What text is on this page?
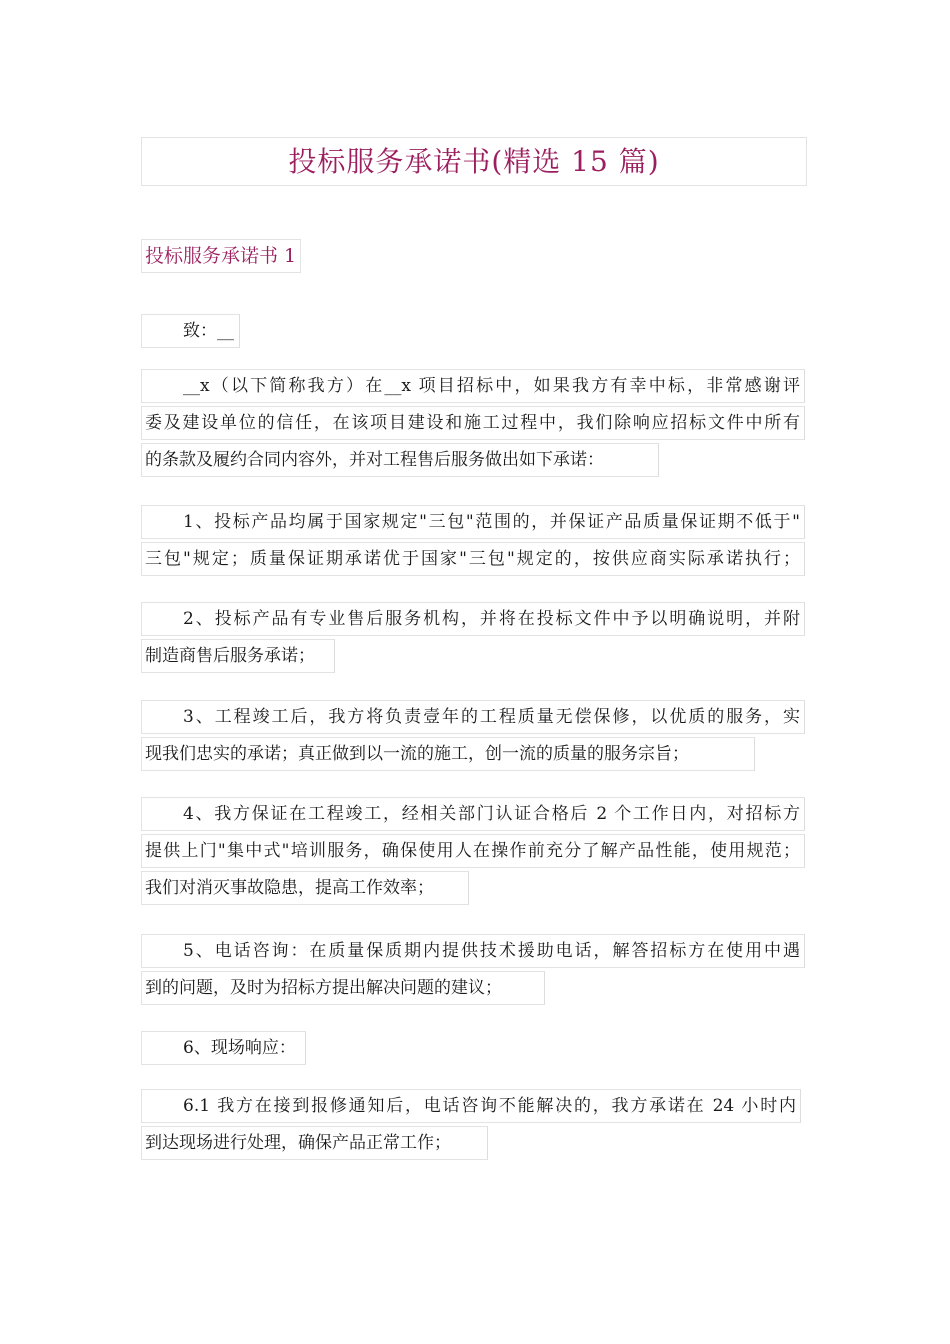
投标服务承诺书(精选 15 篇)
投标服务承诺书 1
致：__
__x（以下简称我方）在__x 项目招标中，如果我方有幸中标，非常感谢评
委及建设单位的信任，在该项目建设和施工过程中，我们除响应招标文件中所有
的条款及履约合同内容外，并对工程售后服务做出如下承诺：
1、投标产品均属于国家规定"三包"范围的，并保证产品质量保证期不低于"
三包"规定；质量保证期承诺优于国家"三包"规定的，按供应商实际承诺执行；
2、投标产品有专业售后服务机构，并将在投标文件中予以明确说明，并附
制造商售后服务承诺；
3、工程竣工后，我方将负责壹年的工程质量无偿保修，以优质的服务，实
现我们忠实的承诺；真正做到以一流的施工，创一流的质量的服务宗旨；
4、我方保证在工程竣工，经相关部门认证合格后 2 个工作日内，对招标方
提供上门"集中式"培训服务，确保使用人在操作前充分了解产品性能，使用规范；
我们对消灭事故隐患，提高工作效率；
5、电话咨询：在质量保质期内提供技术援助电话，解答招标方在使用中遇
到的问题，及时为招标方提出解决问题的建议；
6、现场响应：
6.1 我方在接到报修通知后，电话咨询不能解决的，我方承诺在 24 小时内
到达现场进行处理，确保产品正常工作；
